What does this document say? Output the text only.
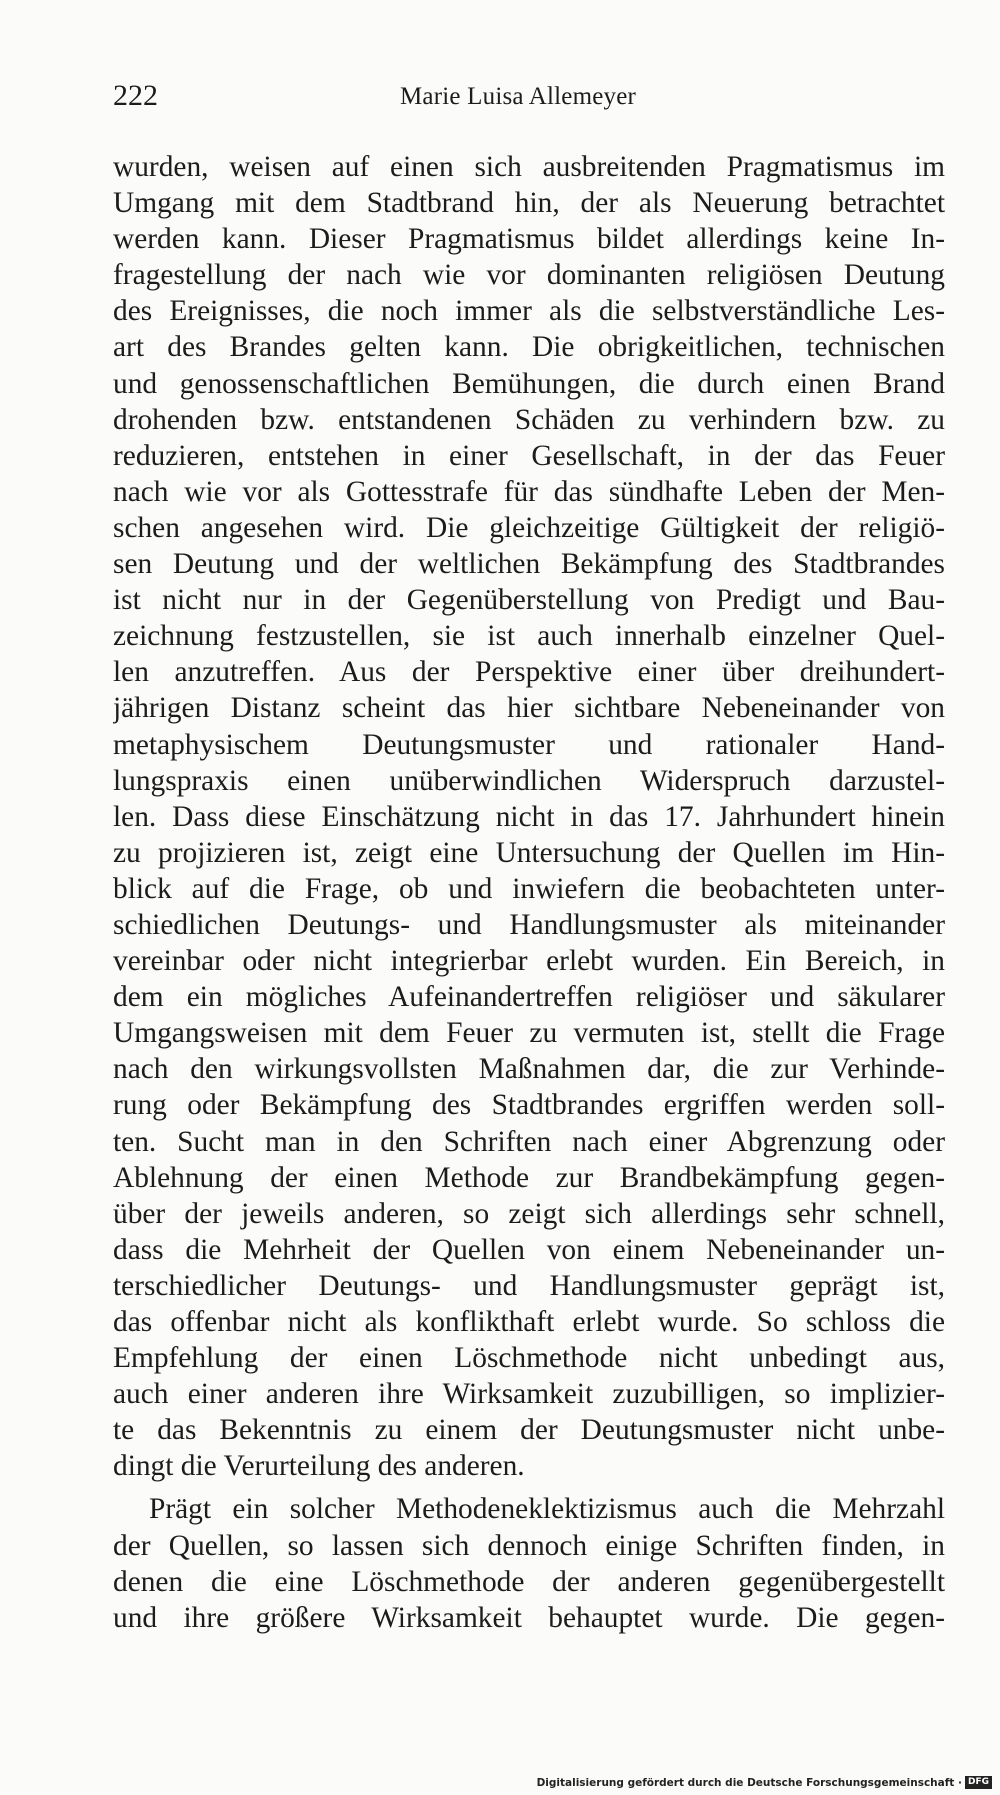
222	Marie Luisa Allemeyer
wurden, weisen auf einen sich ausbreitenden Pragmatismus im
Umgang mit dem Stadtbrand hin, der als Neuerung betrachtet
werden kann. Dieser Pragmatismus bildet allerdings keine In-
fragestellung der nach wie vor dominanten religiösen Deutung
des Ereignisses, die noch immer als die selbstverständliche Les-
art des Brandes gelten kann. Die obrigkeitlichen, technischen
und genossenschaftlichen Bemühungen, die durch einen Brand
drohenden bzw. entstandenen Schäden zu verhindern bzw. zu
reduzieren, entstehen in einer Gesellschaft, in der das Feuer
nach wie vor als Gottesstrafe für das sündhafte Leben der Men-
schen angesehen wird. Die gleichzeitige Gültigkeit der religiö-
sen Deutung und der weltlichen Bekämpfung des Stadtbrandes
ist nicht nur in der Gegenüberstellung von Predigt und Bau-
zeichnung festzustellen, sie ist auch innerhalb einzelner Quel-
len anzutreffen. Aus der Perspektive einer über dreihundert-
jährigen Distanz scheint das hier sichtbare Nebeneinander von
metaphysischem Deutungsmuster und rationaler Hand-
lungspraxis einen unüberwindlichen Widerspruch darzustel-
len. Dass diese Einschätzung nicht in das 17. Jahrhundert hinein
zu projizieren ist, zeigt eine Untersuchung der Quellen im Hin-
blick auf die Frage, ob und inwiefern die beobachteten unter-
schiedlichen Deutungs- und Handlungsmuster als miteinander
vereinbar oder nicht integrierbar erlebt wurden. Ein Bereich, in
dem ein mögliches Aufeinandertreffen religiöser und säkularer
Umgangsweisen mit dem Feuer zu vermuten ist, stellt die Frage
nach den wirkungsvollsten Maßnahmen dar, die zur Verhinde-
rung oder Bekämpfung des Stadtbrandes ergriffen werden soll-
ten. Sucht man in den Schriften nach einer Abgrenzung oder
Ablehnung der einen Methode zur Brandbekämpfung gegen-
über der jeweils anderen, so zeigt sich allerdings sehr schnell,
dass die Mehrheit der Quellen von einem Nebeneinander un-
terschiedlicher Deutungs- und Handlungsmuster geprägt ist,
das offenbar nicht als konflikthaft erlebt wurde. So schloss die
Empfehlung der einen Löschmethode nicht unbedingt aus,
auch einer anderen ihre Wirksamkeit zuzubilligen, so implizier-
te das Bekenntnis zu einem der Deutungsmuster nicht unbe-
dingt die Verurteilung des anderen.
Prägt ein solcher Methodeneklektizismus auch die Mehrzahl
der Quellen, so lassen sich dennoch einige Schriften finden, in
denen die eine Löschmethode der anderen gegenübergestellt
und ihre größere Wirksamkeit behauptet wurde. Die gegen-
Digitalisierung gefördert durch die Deutsche Forschungsgemeinschaft · DFG
